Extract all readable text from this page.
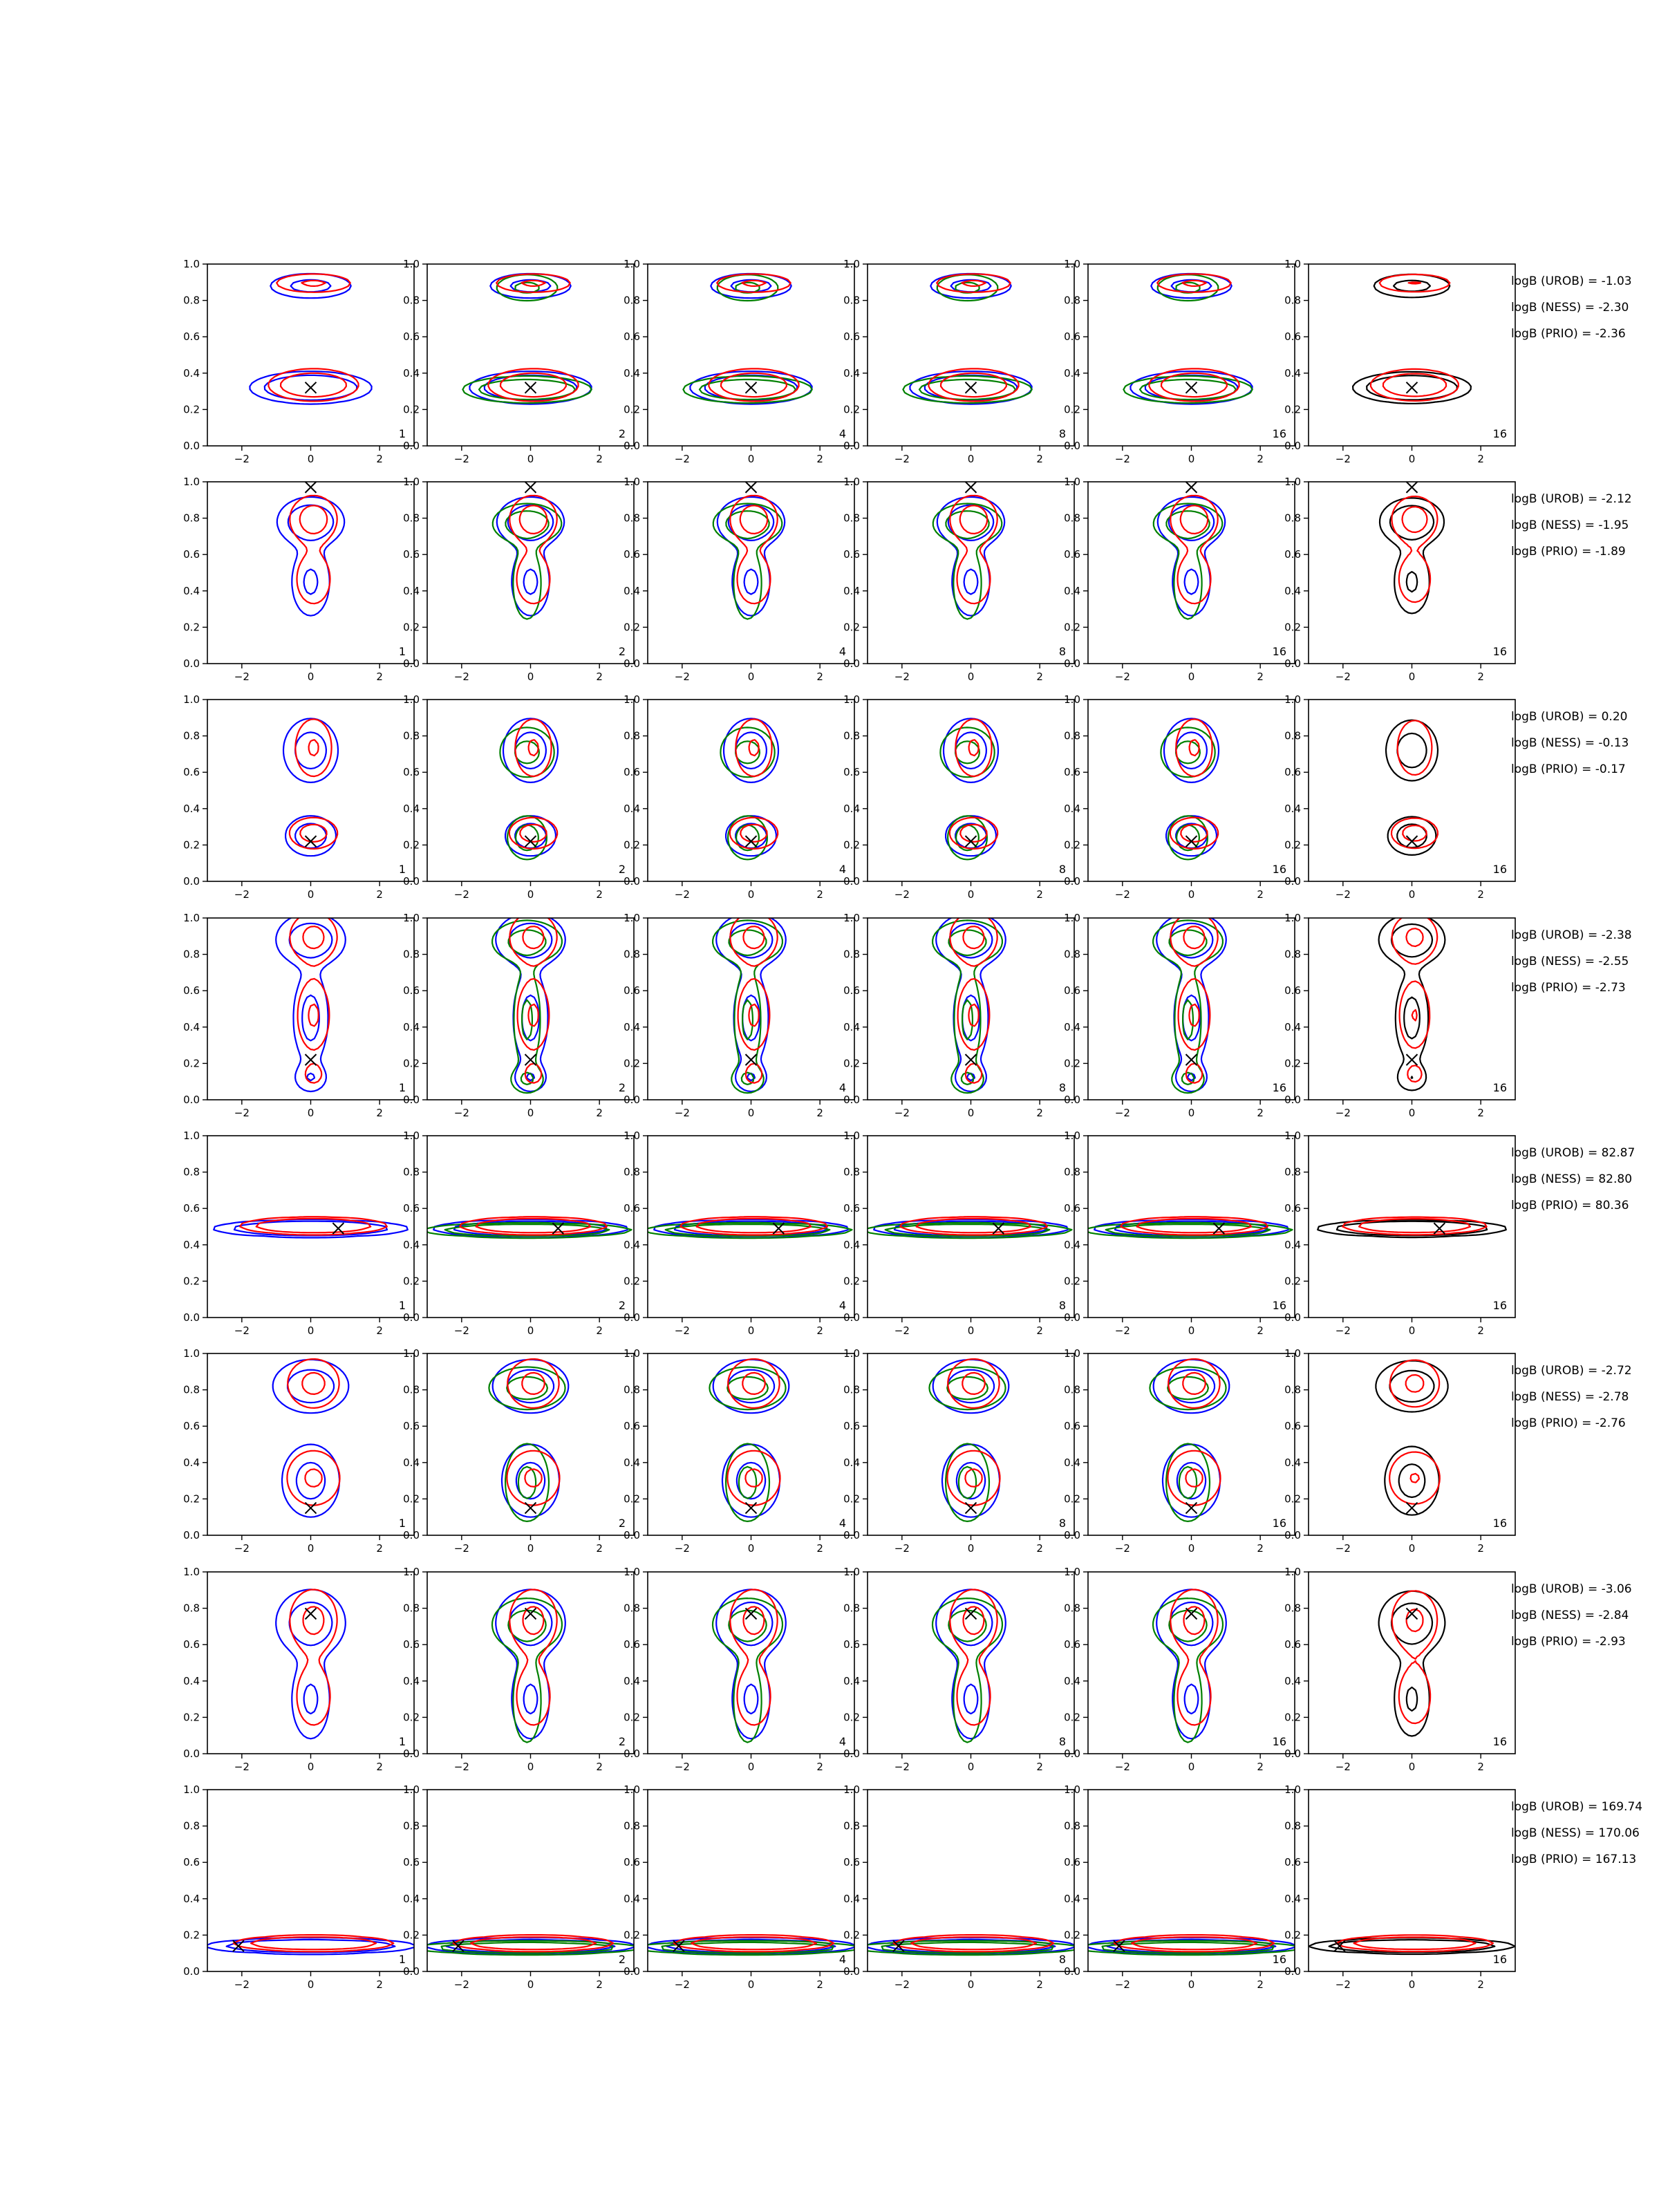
−2	0	2
0.0
0.2
0.4
0.6
0.8
1.0
1
−2	0	2
0.0
0.2
0.4
0.6
0.8
1.0
2
−2	0	2
0.0
0.2
0.4
0.6
0.8
1.0
4
−2	0	2
0.0
0.2
0.4
0.6
0.8
1.0
8
−2	0	2
0.0
0.2
0.4
0.6
0.8
1.0
16
−2	0	2
0.0
0.2
0.4
0.6
0.8
1.0
16
−2	0	2
0.0
0.2
0.4
0.6
0.8
1.0
1
−2	0	2
0.0
0.2
0.4
0.6
0.8
1.0
2
−2	0	2
0.0
0.2
0.4
0.6
0.8
1.0
4
−2	0	2
0.0
0.2
0.4
0.6
0.8
1.0
8
−2	0	2
0.0
0.2
0.4
0.6
0.8
1.0
16
−2	0	2
0.0
0.2
0.4
0.6
0.8
1.0
16
−2	0	2
0.0
0.2
0.4
0.6
0.8
1.0
1
−2	0	2
0.0
0.2
0.4
0.6
0.8
1.0
2
−2	0	2
0.0
0.2
0.4
0.6
0.8
1.0
4
−2	0	2
0.0
0.2
0.4
0.6
0.8
1.0
8
−2	0	2
0.0
0.2
0.4
0.6
0.8
1.0
16
−2	0	2
0.0
0.2
0.4
0.6
0.8
1.0
16
−2	0	2
0.0
0.2
0.4
0.6
0.8
1.0
1
−2	0	2
0.0
0.2
0.4
0.6
0.8
1.0
2
−2	0	2
0.0
0.2
0.4
0.6
0.8
1.0
4
−2	0	2
0.0
0.2
0.4
0.6
0.8
1.0
8
−2	0	2
0.0
0.2
0.4
0.6
0.8
1.0
16
−2	0	2
0.0
0.2
0.4
0.6
0.8
1.0
16
−2	0	2
0.0
0.2
0.4
0.6
0.8
1.0
1
−2	0	2
0.0
0.2
0.4
0.6
0.8
1.0
2
−2	0	2
0.0
0.2
0.4
0.6
0.8
1.0
4
−2	0	2
0.0
0.2
0.4
0.6
0.8
1.0
8
−2	0	2
0.0
0.2
0.4
0.6
0.8
1.0
16
−2	0	2
0.0
0.2
0.4
0.6
0.8
1.0
16
−2	0	2
0.0
0.2
0.4
0.6
0.8
1.0
1
−2	0	2
0.0
0.2
0.4
0.6
0.8
1.0
2
−2	0	2
0.0
0.2
0.4
0.6
0.8
1.0
4
−2	0	2
0.0
0.2
0.4
0.6
0.8
1.0
8
−2	0	2
0.0
0.2
0.4
0.6
0.8
1.0
16
−2	0	2
0.0
0.2
0.4
0.6
0.8
1.0
16
−2	0	2
0.0
0.2
0.4
0.6
0.8
1.0
1
−2	0	2
0.0
0.2
0.4
0.6
0.8
1.0
2
−2	0	2
0.0
0.2
0.4
0.6
0.8
1.0
4
−2	0	2
0.0
0.2
0.4
0.6
0.8
1.0
8
−2	0	2
0.0
0.2
0.4
0.6
0.8
1.0
16
−2	0	2
0.0
0.2
0.4
0.6
0.8
1.0
16
−2	0	2
0.0
0.2
0.4
0.6
0.8
1.0
1
−2	0	2
0.0
0.2
0.4
0.6
0.8
1.0
2
−2	0	2
0.0
0.2
0.4
0.6
0.8
1.0
4
−2	0	2
0.0
0.2
0.4
0.6
0.8
1.0
8
−2	0	2
0.0
0.2
0.4
0.6
0.8
1.0
16
−2	0	2
0.0
0.2
0.4
0.6
0.8
1.0
16
logB (UROB) = -1.03
logB (NESS) = -2.30
logB (PRIO) = -2.36
logB (UROB) = -2.12
logB (NESS) = -1.95
logB (PRIO) = -1.89
logB (UROB) = 0.20
logB (NESS) = -0.13
logB (PRIO) = -0.17
logB (UROB) = -2.38
logB (NESS) = -2.55
logB (PRIO) = -2.73
logB (UROB) = 82.87
logB (NESS) = 82.80
logB (PRIO) = 80.36
logB (UROB) = -2.72
logB (NESS) = -2.78
logB (PRIO) = -2.76
logB (UROB) = -3.06
logB (NESS) = -2.84
logB (PRIO) = -2.93
logB (UROB) = 169.74
logB (NESS) = 170.06
logB (PRIO) = 167.13
